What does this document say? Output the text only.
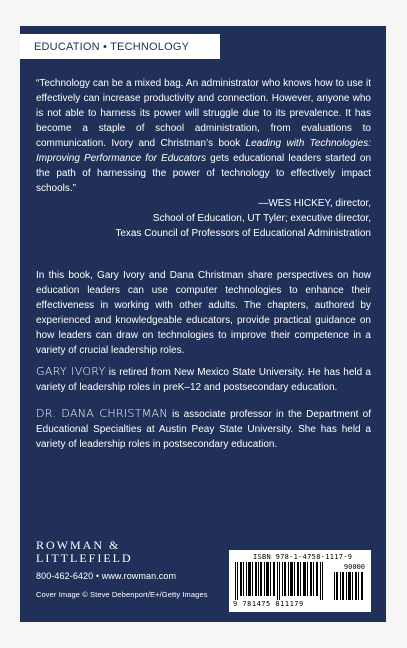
EDUCATION • TECHNOLOGY
“Technology can be a mixed bag. An administrator who knows how to use it effectively can increase productivity and connection. However, anyone who is not able to harness its power will struggle due to its prevalence. It has become a staple of school administration, from evaluations to communication. Ivory and Christman’s book Leading with Technologies: Improving Performance for Educators gets educational leaders started on the path of harnessing the power of technology to effectively impact schools.”
—WES HICKEY, director,
School of Education, UT Tyler; executive director,
Texas Council of Professors of Educational Administration
In this book, Gary Ivory and Dana Christman share perspectives on how education leaders can use computer technologies to enhance their effectiveness in working with other adults. The chapters, authored by experienced and knowledgeable educators, provide practical guidance on how leaders can draw on technologies to improve their competence in a variety of crucial leadership roles.
GARY IVORY is retired from New Mexico State University. He has held a variety of leadership roles in preK–12 and postsecondary education.
DR. DANA CHRISTMAN is associate professor in the Department of Educational Specialties at Austin Peay State University. She has held a variety of leadership roles in postsecondary education.
ROWMAN &
LITTLEFIELD
800-462-6420 • www.rowman.com
Cover Image © Steve Debenport/E+/Getty Images
ISBN 978-1-4758-1117-9
90000
9 781475 811179
